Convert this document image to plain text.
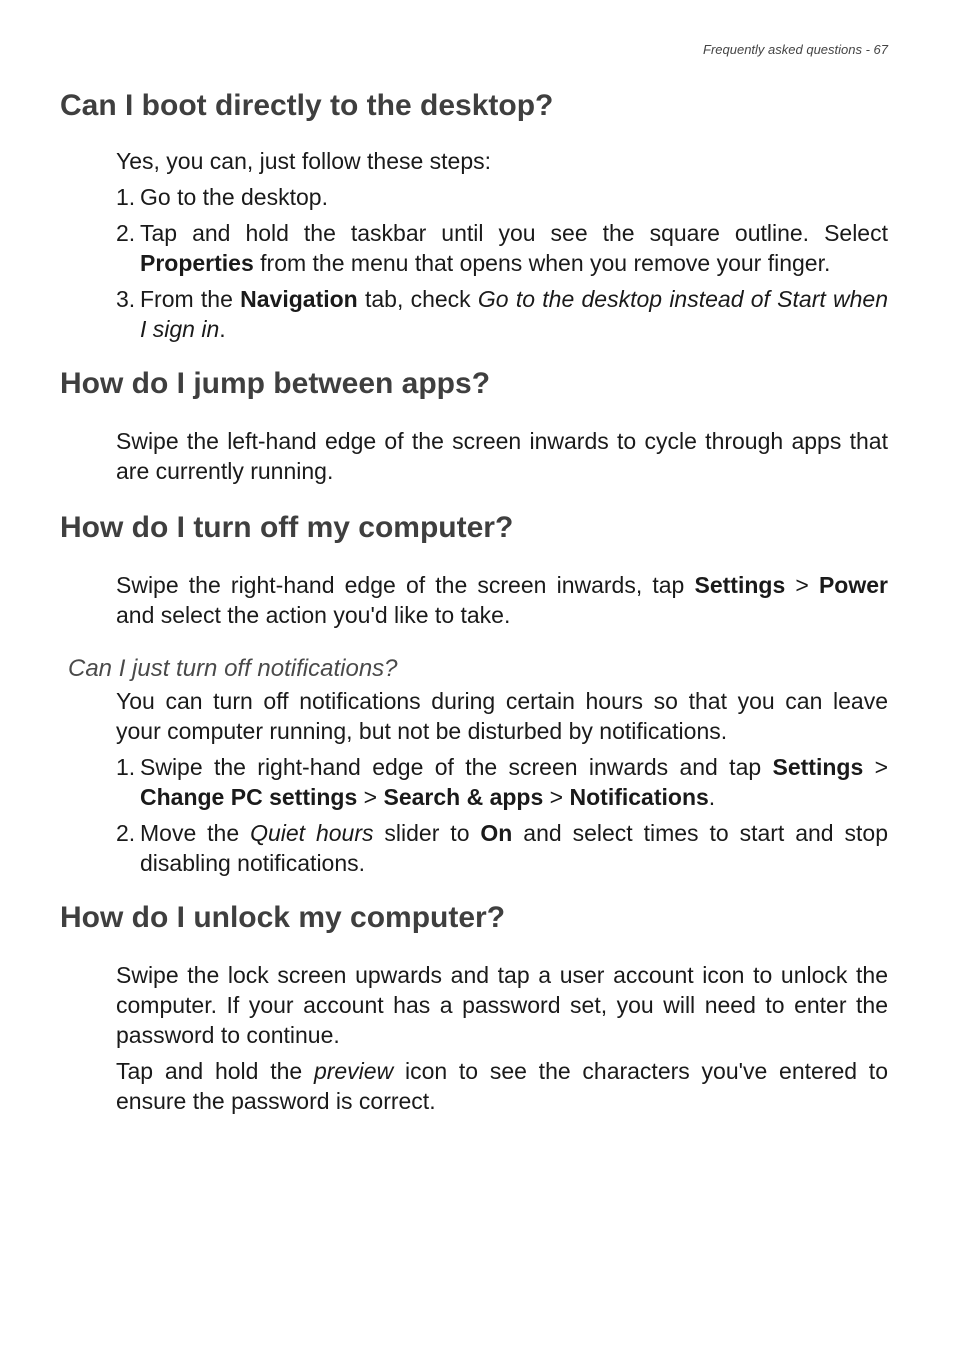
Frequently asked questions - 67
Can I boot directly to the desktop?

Yes, you can, just follow these steps:

1. Go to the desktop.
2. Tap and hold the taskbar until you see the square outline. Select Properties from the menu that opens when you remove your finger.
3. From the Navigation tab, check Go to the desktop instead of Start when I sign in.
How do I jump between apps?

Swipe the left-hand edge of the screen inwards to cycle through apps that are currently running.

How do I turn off my computer?

Swipe the right-hand edge of the screen inwards, tap Settings > Power and select the action you'd like to take.

Can I just turn off notifications?

You can turn off notifications during certain hours so that you can leave your computer running, but not be disturbed by notifications.

1. Swipe the right-hand edge of the screen inwards and tap Settings > Change PC settings > Search & apps > Notifications.
2. Move the Quiet hours slider to On and select times to start and stop disabling notifications.
How do I unlock my computer?

Swipe the lock screen upwards and tap a user account icon to unlock the computer. If your account has a password set, you will need to enter the password to continue.

Tap and hold the preview icon to see the characters you've entered to ensure the password is correct.
